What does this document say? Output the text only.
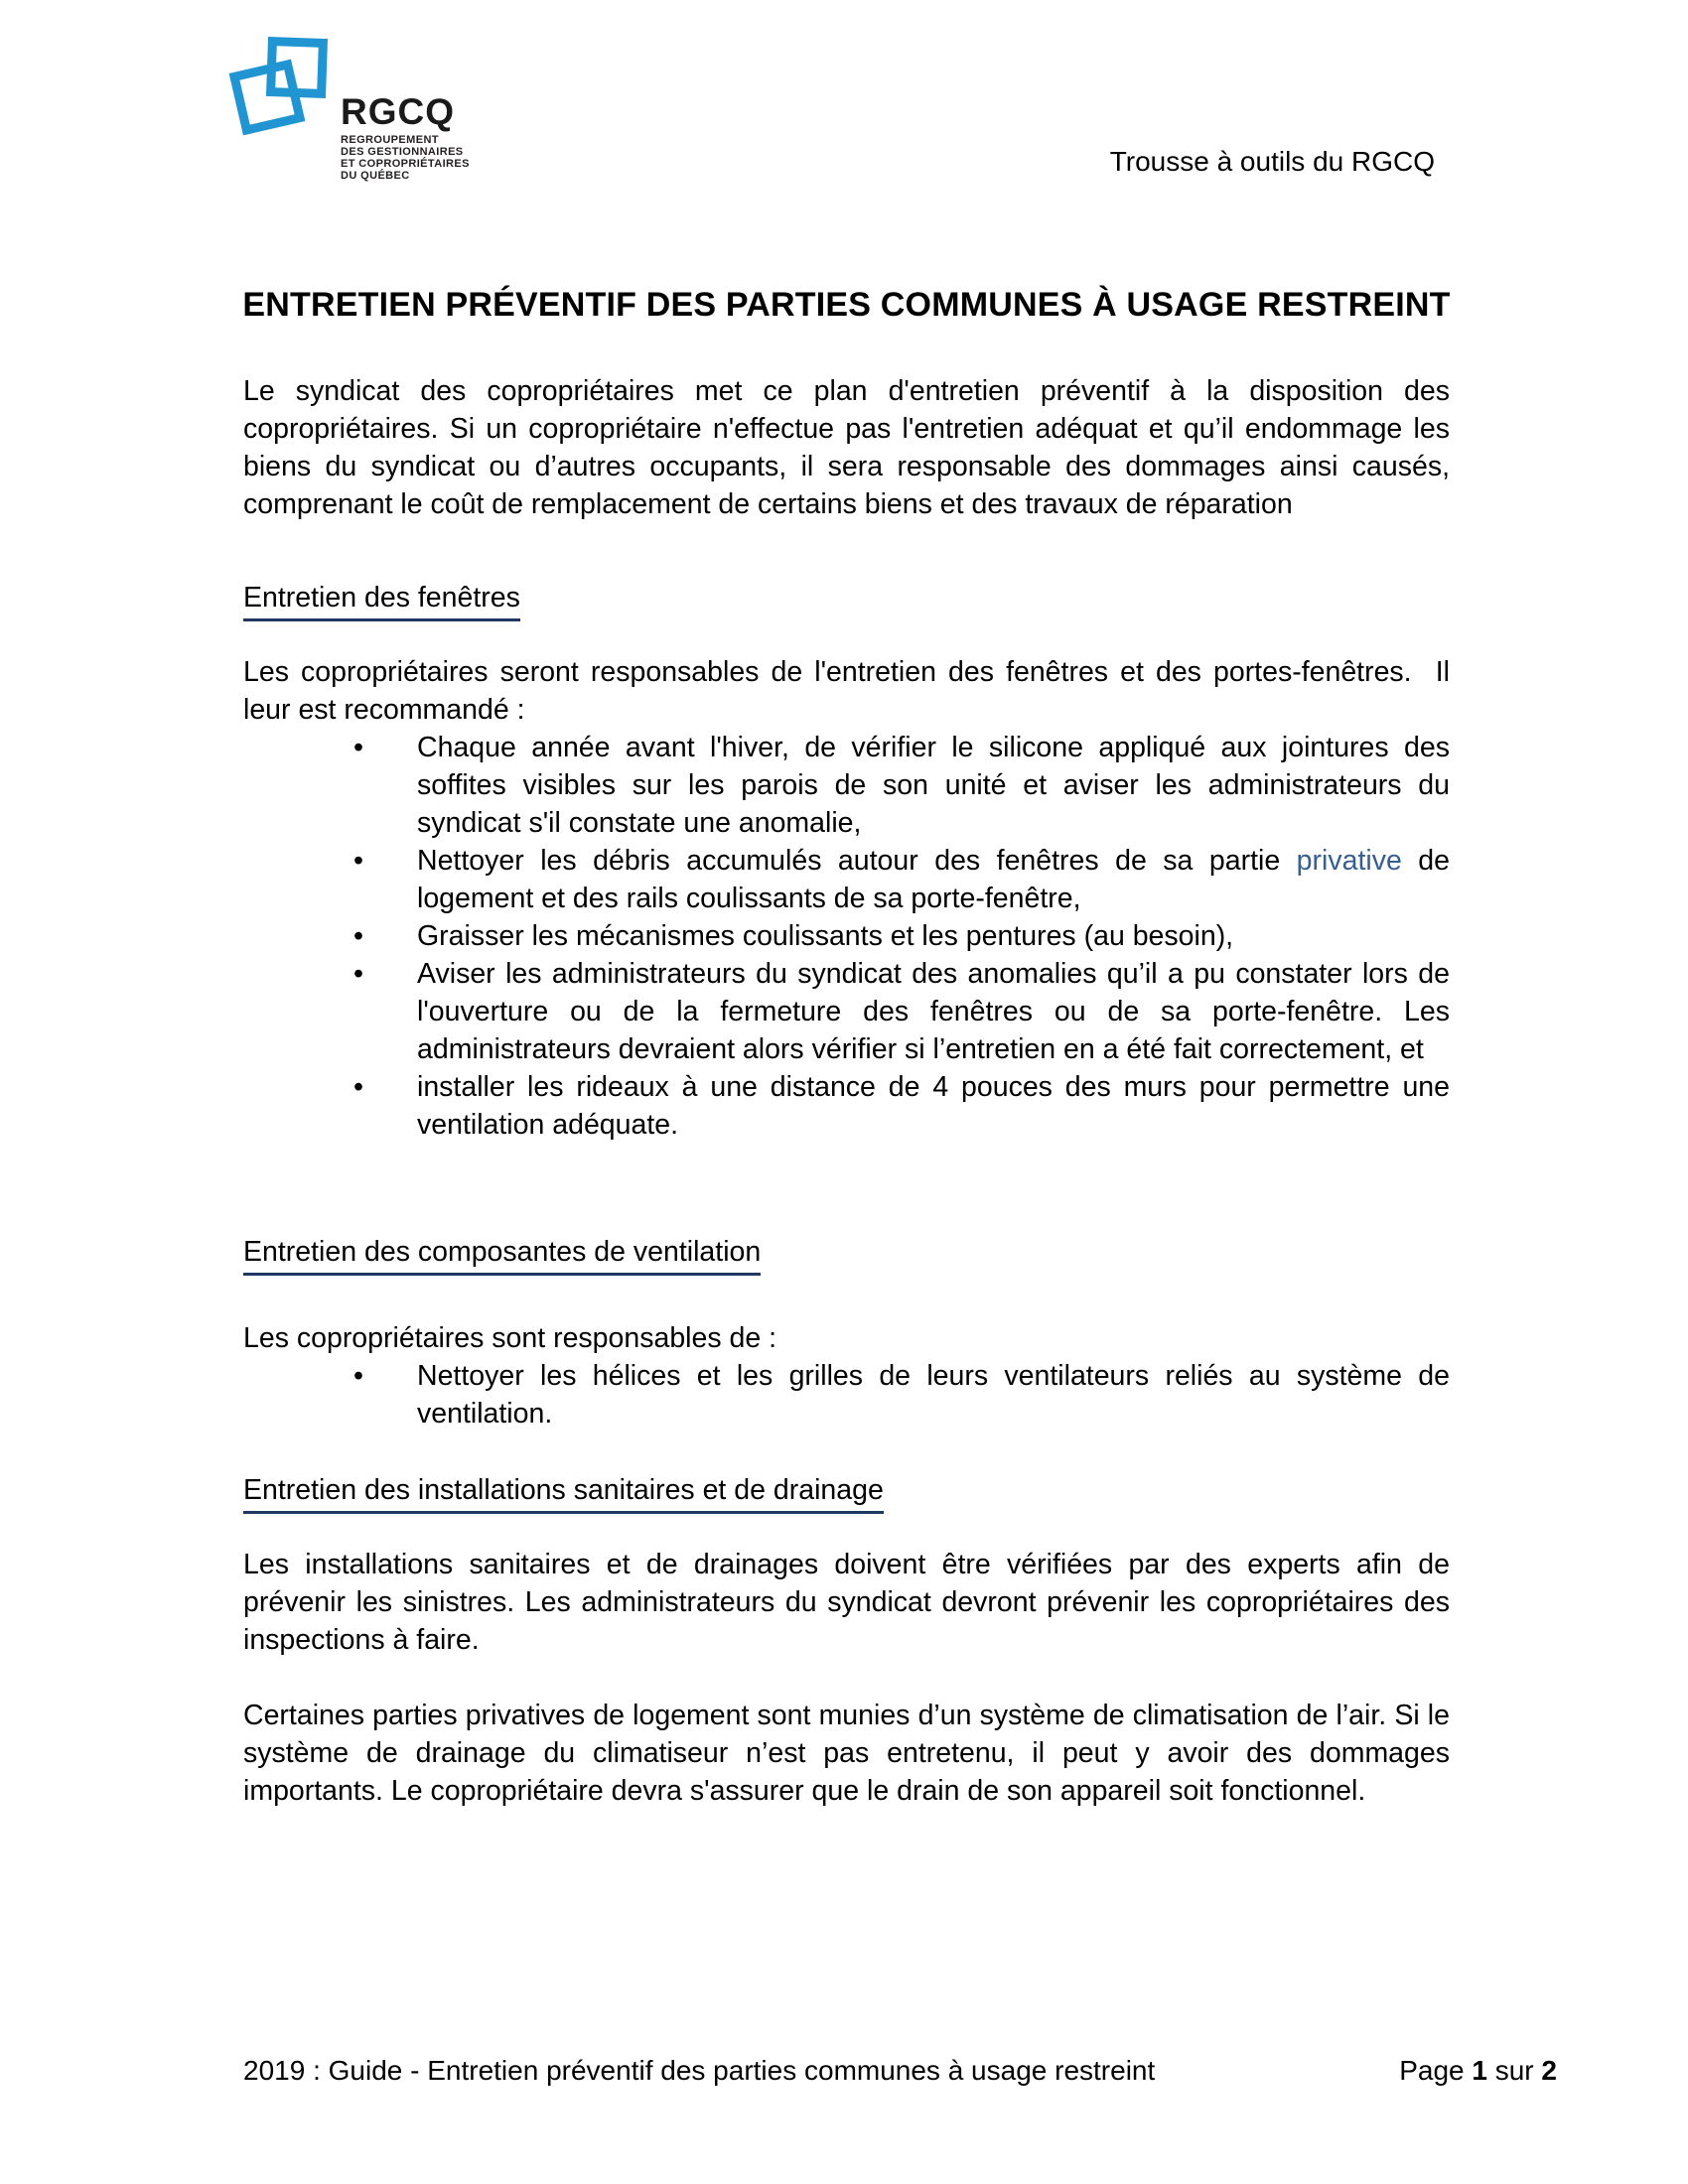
RGCQ
REGROUPEMENT
DES GESTIONNAIRES
ET COPROPRIÉTAIRES
DU QUÉBEC	Trousse à outils du RGCQ
ENTRETIEN PRÉVENTIF DES PARTIES COMMUNES À USAGE RESTREINT

Le syndicat des copropriétaires met ce plan d'entretien préventif à la disposition des copropriétaires. Si un copropriétaire n'effectue pas l'entretien adéquat et qu’il endommage les biens du syndicat ou d’autres occupants, il sera responsable des dommages ainsi causés, comprenant le coût de remplacement de certains biens et des travaux de réparation

Entretien des fenêtres

Les copropriétaires seront responsables de l'entretien des fenêtres et des portes-fenêtres.  Il leur est recommandé :

• Chaque année avant l'hiver, de vérifier le silicone appliqué aux jointures des soffites visibles sur les parois de son unité et aviser les administrateurs du syndicat s'il constate une anomalie,
• Nettoyer les débris accumulés autour des fenêtres de sa partie privative de logement et des rails coulissants de sa porte-fenêtre,
• Graisser les mécanismes coulissants et les pentures (au besoin),
• Aviser les administrateurs du syndicat des anomalies qu’il a pu constater lors de l'ouverture ou de la fermeture des fenêtres ou de sa porte-fenêtre. Les administrateurs devraient alors vérifier si l’entretien en a été fait correctement, et
• installer les rideaux à une distance de 4 pouces des murs pour permettre une ventilation adéquate.
Entretien des composantes de ventilation

Les copropriétaires sont responsables de :

• Nettoyer les hélices et les grilles de leurs ventilateurs reliés au système de ventilation.
Entretien des installations sanitaires et de drainage

Les installations sanitaires et de drainages doivent être vérifiées par des experts afin de prévenir les sinistres. Les administrateurs du syndicat devront prévenir les copropriétaires des inspections à faire.

Certaines parties privatives de logement sont munies d’un système de climatisation de l’air. Si le système de drainage du climatiseur n’est pas entretenu, il peut y avoir des dommages importants. Le copropriétaire devra s'assurer que le drain de son appareil soit fonctionnel.

2019 : Guide - Entretien préventif des parties communes à usage restreint	Page 1 sur 2
